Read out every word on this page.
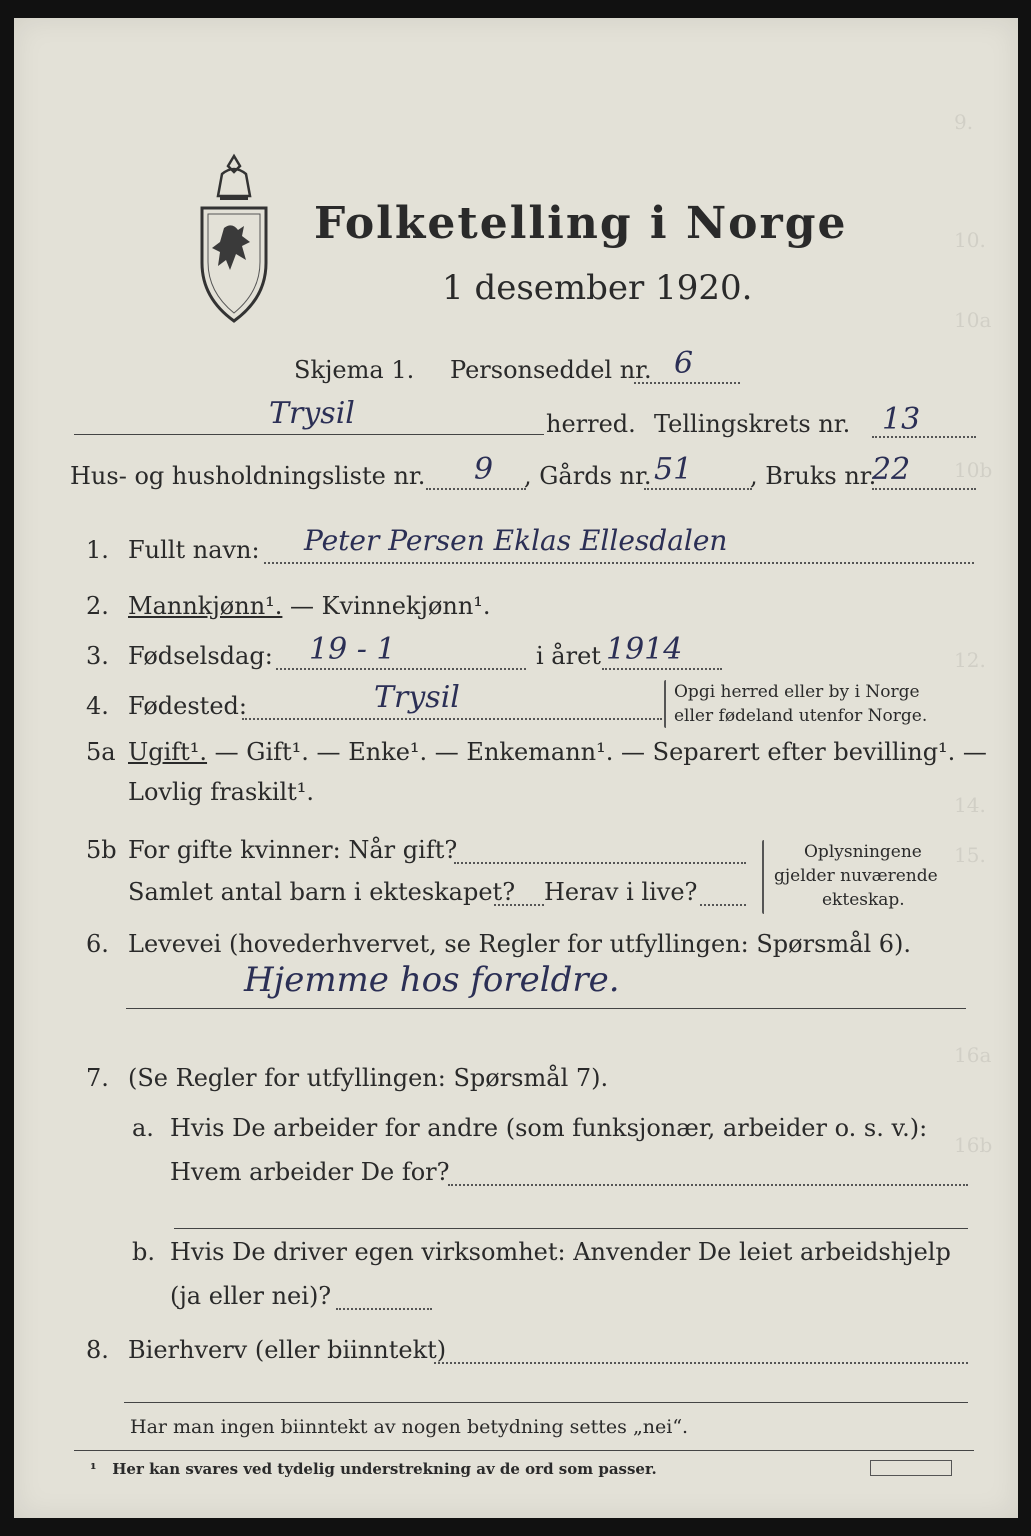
9.
10.
10a
10b
12.
14.
15.
16a
16b
Folketelling i Norge
1 desember 1920.
Skjema 1. Personseddel nr. 6
Trysil	herred. Tellingskrets nr. 13
Hus- og husholdningsliste nr. 9 , Gårds nr. 51 , Bruks nr.
22
1. Fullt navn: Peter Persen Eklas Ellesdalen
2. Mannkjønn¹. — Kvinnekjønn¹.
3. Fødselsdag: 19 - 1	i året 1914
4. Fødested:	Trysil	Opgi herred eller by i Norge
eller fødeland utenfor Norge.
5a Ugift¹. — Gift¹. — Enke¹. — Enkemann¹. — Separert efter bevilling¹. —
Lovlig fraskilt¹.
5b For gifte kvinner: Når gift?
Samlet antal barn i ekteskapet? Herav i live?
Oplysningene
gjelder nuværende
ekteskap.
6. Levevei (hovederhvervet, se Regler for utfyllingen: Spørsmål 6).
Hjemme hos foreldre.
7. (Se Regler for utfyllingen: Spørsmål 7).
a. Hvis De arbeider for andre (som funksjonær, arbeider o. s. v.):
Hvem arbeider De for?
b. Hvis De driver egen virksomhet: Anvender De leiet arbeidshjelp
(ja eller nei)?
8. Bierhverv (eller biinntekt)
Har man ingen biinntekt av nogen betydning settes „nei“.
¹ Her kan svares ved tydelig understrekning av de ord som passer.
